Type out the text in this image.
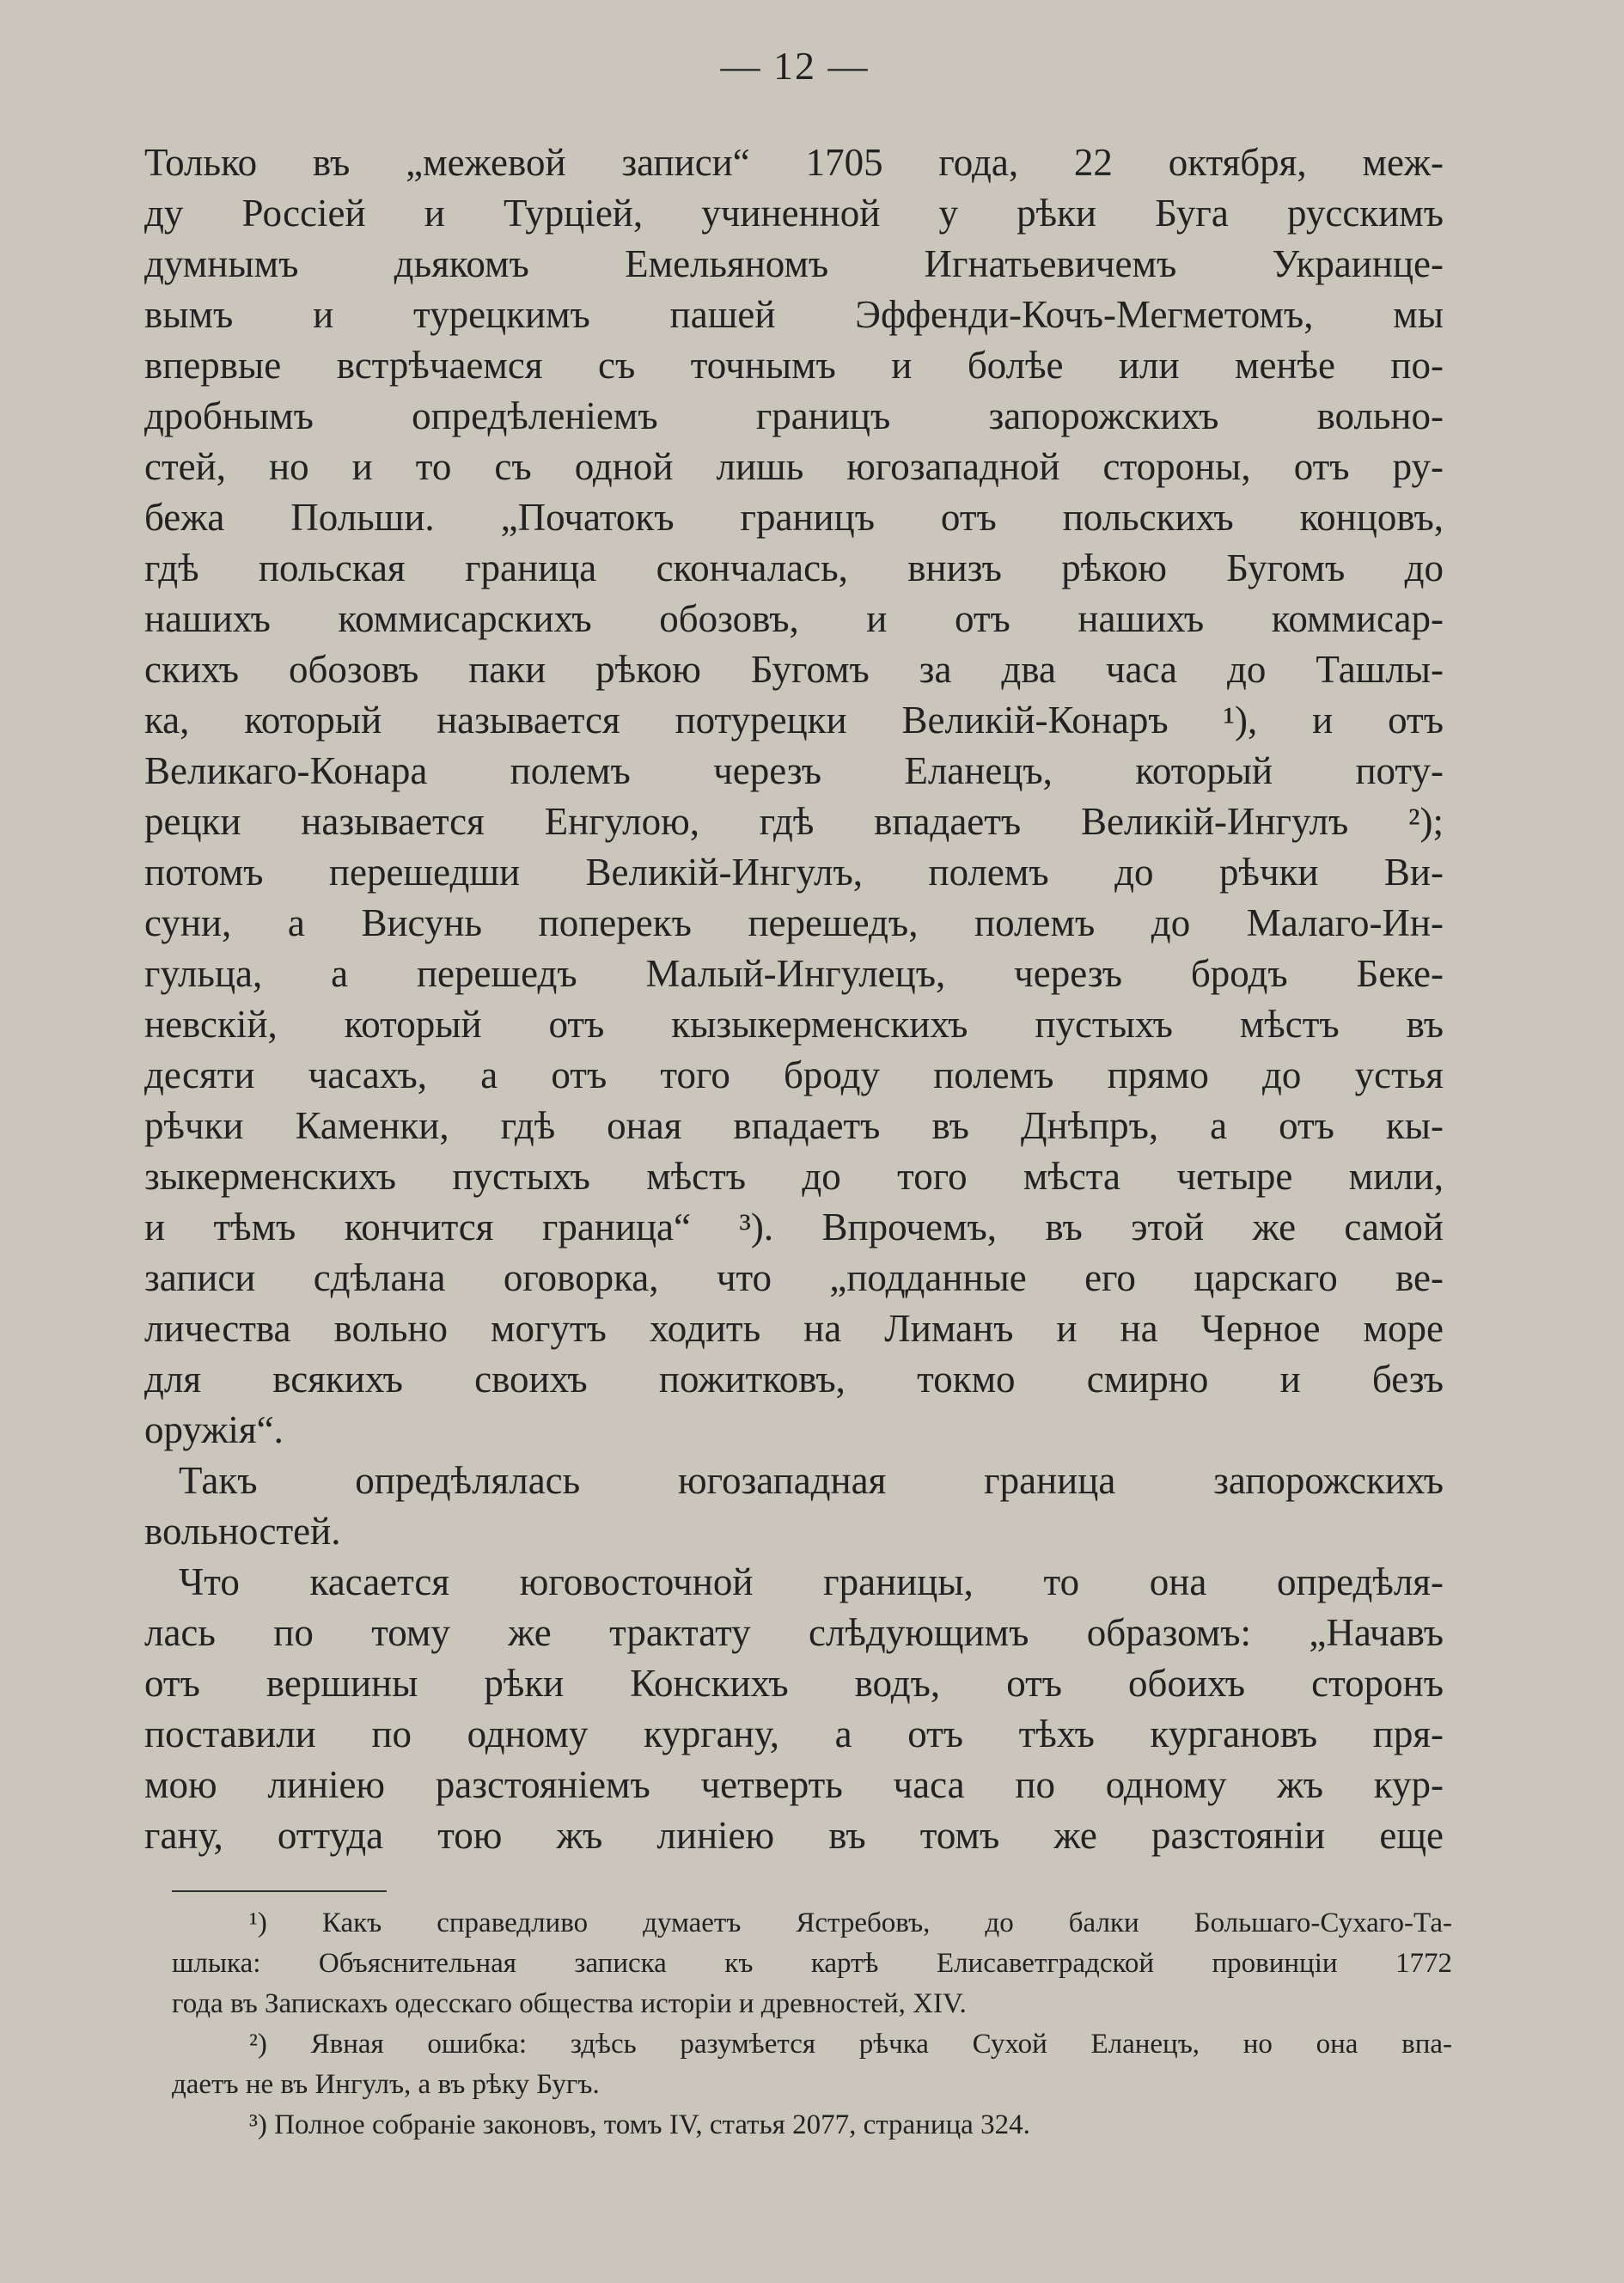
— 12 —
Только въ „межевой записи“ 1705 года, 22 октября, меж-
ду Россіей и Турціей, учиненной у рѣки Буга русскимъ
думнымъ дьякомъ Емельяномъ Игнатьевичемъ Украинце-
вымъ и турецкимъ пашей Эффенди-Кочъ-Мегметомъ, мы
впервые встрѣчаемся съ точнымъ и болѣе или менѣе по-
дробнымъ опредѣленіемъ границъ запорожскихъ вольно-
стей, но и то съ одной лишь югозападной стороны, отъ ру-
бежа Польши. „Початокъ границъ отъ польскихъ концовъ,
гдѣ польская граница скончалась, внизъ рѣкою Бугомъ до
нашихъ коммисарскихъ обозовъ, и отъ нашихъ коммисар-
скихъ обозовъ паки рѣкою Бугомъ за два часа до Ташлы-
ка, который называется потурецки Великій-Конаръ ¹), и отъ
Великаго-Конара полемъ черезъ Еланецъ, который поту-
рецки называется Енгулою, гдѣ впадаетъ Великій-Ингулъ ²);
потомъ перешедши Великій-Ингулъ, полемъ до рѣчки Ви-
суни, а Висунь поперекъ перешедъ, полемъ до Малаго-Ин-
гульца, а перешедъ Малый-Ингулецъ, черезъ бродъ Беке-
невскій, который отъ кызыкерменскихъ пустыхъ мѣстъ въ
десяти часахъ, а отъ того броду полемъ прямо до устья
рѣчки Каменки, гдѣ оная впадаетъ въ Днѣпръ, а отъ кы-
зыкерменскихъ пустыхъ мѣстъ до того мѣста четыре мили,
и тѣмъ кончится граница“ ³). Впрочемъ, въ этой же самой
записи сдѣлана оговорка, что „подданные его царскаго ве-
личества вольно могутъ ходить на Лиманъ и на Черное море
для всякихъ своихъ пожитковъ, токмо смирно и безъ
оружія“.
Такъ опредѣлялась югозападная граница запорожскихъ
вольностей.
Что касается юговосточной границы, то она опредѣля-
лась по тому же трактату слѣдующимъ образомъ: „Начавъ
отъ вершины рѣки Конскихъ водъ, отъ обоихъ сторонъ
поставили по одному кургану, а отъ тѣхъ кургановъ пря-
мою линіею разстояніемъ четверть часа по одному жъ кур-
гану, оттуда тою жъ линіею въ томъ же разстояніи еще
¹) Какъ справедливо думаетъ Ястребовъ, до балки Большаго-Сухаго-Та-
шлыка: Объяснительная записка къ картѣ Елисаветградской провинціи 1772
года въ Запискахъ одесскаго общества исторіи и древностей, XIV.
²) Явная ошибка: здѣсь разумѣется рѣчка Сухой Еланецъ, но она впа-
даетъ не въ Ингулъ, а въ рѣку Бугъ.
³) Полное собраніе законовъ, томъ IV, статья 2077, страница 324.
